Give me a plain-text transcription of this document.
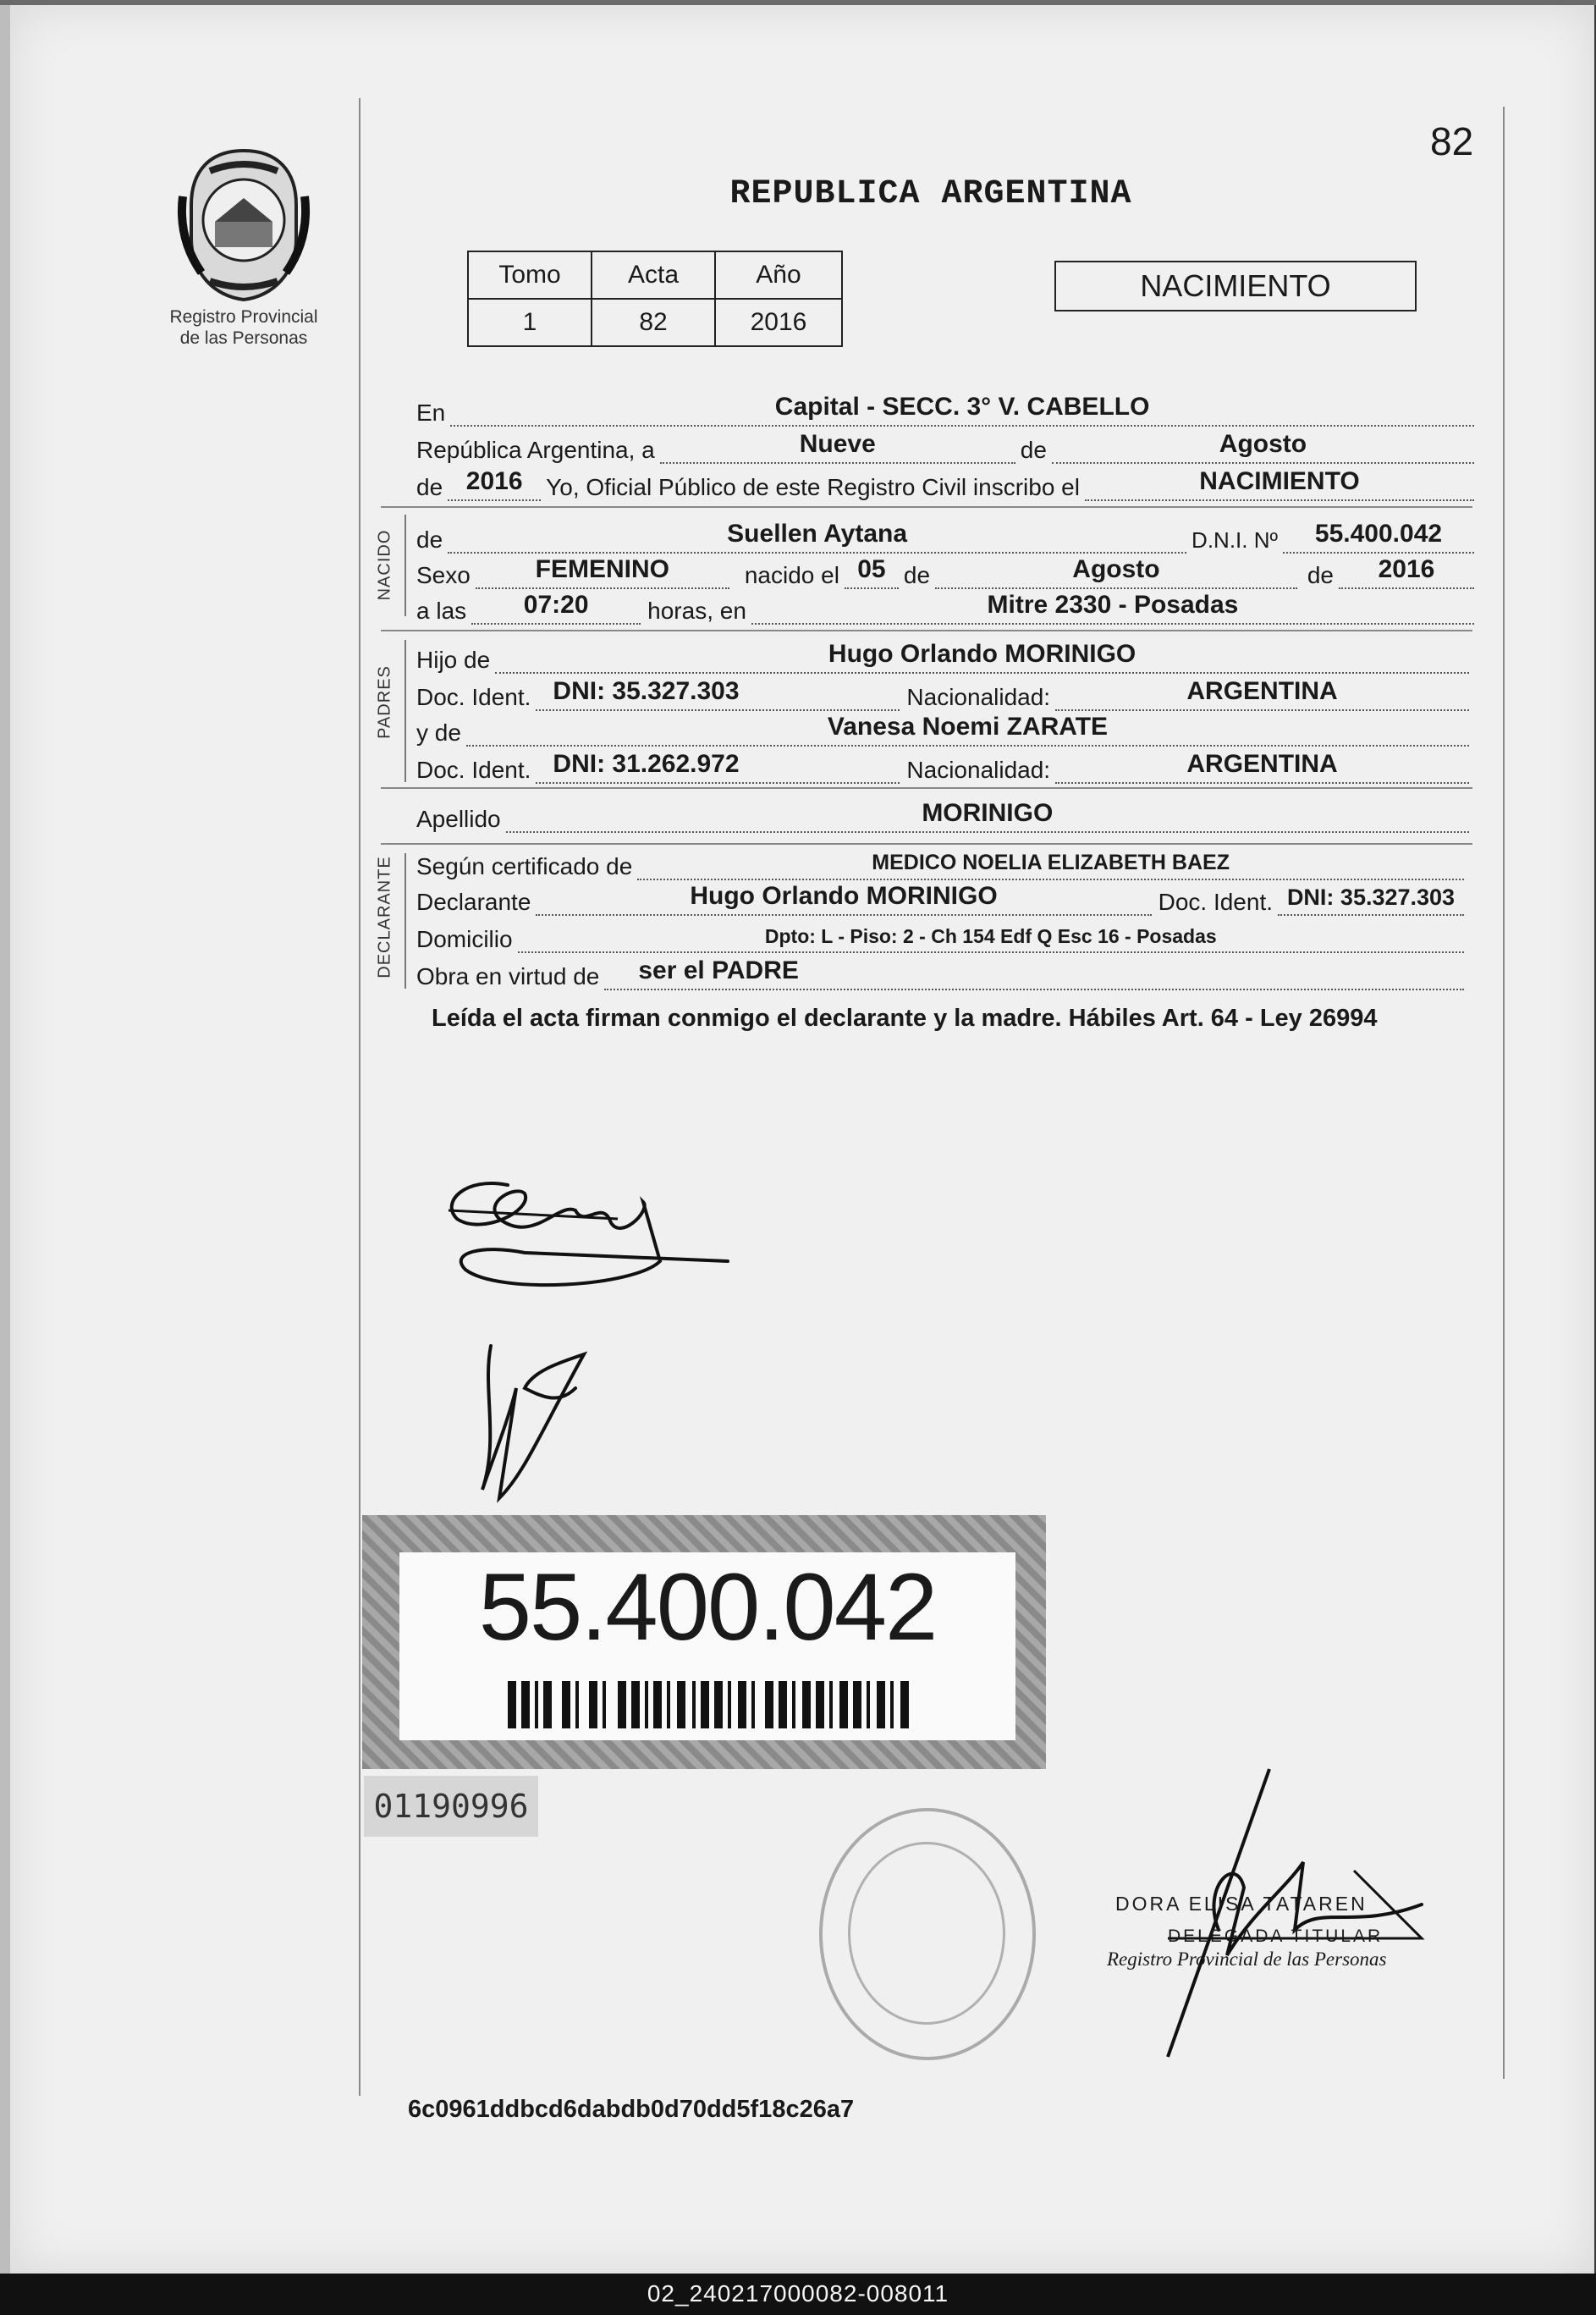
82
Registro Provincial
de las Personas
REPUBLICA ARGENTINA
Tomo	Acta	Año
1	82	2016
NACIMIENTO
En	Capital - SECC. 3° V. CABELLO
República Argentina, a	Nueve	de	Agosto
de 2016 Yo, Oficial Público de este Registro Civil inscribo el	NACIMIENTO
NACIDO de	Suellen Aytana	D.N.I. Nº	55.400.042
Sexo	FEMENINO	nacido el 05 de	Agosto	de	2016
a las	07:20	horas, en	Mitre 2330 - Posadas
PADRES
Hijo de	Hugo Orlando MORINIGO
Doc. Ident. DNI: 35.327.303	Nacionalidad:	ARGENTINA
y de	Vanesa Noemi ZARATE
Doc. Ident. DNI: 31.262.972	Nacionalidad:	ARGENTINA
Apellido	MORINIGO
DECLARANTE Según certificado de	MEDICO NOELIA ELIZABETH BAEZ
Declarante	Hugo Orlando MORINIGO	Doc. Ident. DNI: 35.327.303
Domicilio	Dpto: L - Piso: 2 - Ch 154 Edf Q Esc 16 - Posadas
Obra en virtud de	ser el PADRE
Leída el acta firman conmigo el declarante y la madre. Hábiles Art. 64 - Ley 26994
55.400.042
01190996
DORA ELISA TATAREN
DELEGADA TITULAR
Registro Provincial de las Personas
6c0961ddbcd6dabdb0d70dd5f18c26a7
02_240217000082-008011
